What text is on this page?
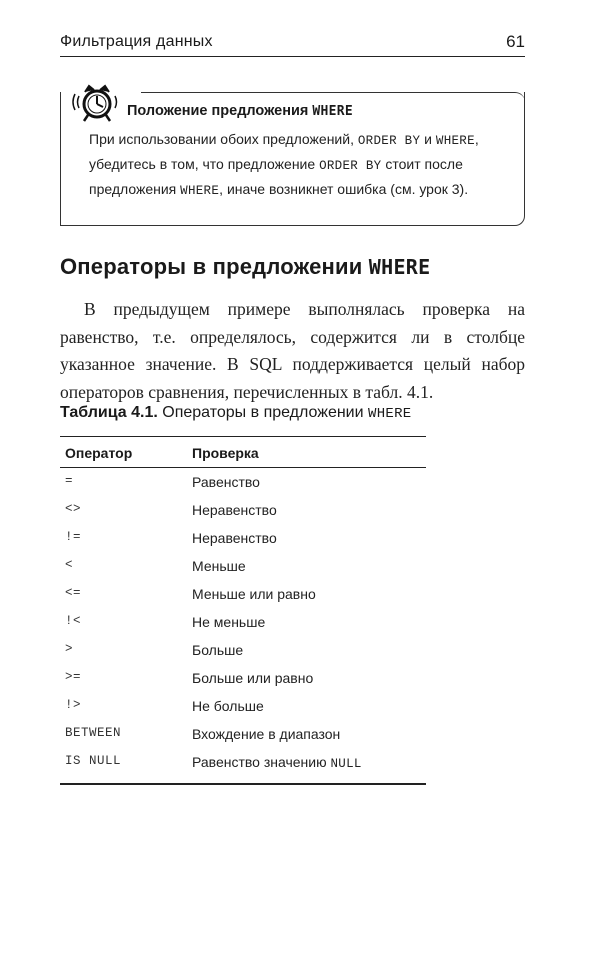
Фильтрация данных	61
Положение предложения WHERE
При использовании обоих предложений, ORDER BY и WHERE,
убедитесь в том, что предложение ORDER BY стоит после
предложения WHERE, иначе возникнет ошибка (см. урок 3).
Операторы в предложении WHERE
В предыдущем примере выполнялась проверка на равенство, т.е. определялось, содержится ли в столбце указанное значение. В SQL поддерживается целый набор операторов сравнения, перечисленных в табл. 4.1.
Таблица 4.1. Операторы в предложении WHERE
Оператор	Проверка
=	Равенство
<>	Неравенство
!=	Неравенство
<	Меньше
<=	Меньше или равно
!<	Не меньше
>	Больше
>=	Больше или равно
!>	Не больше
BETWEEN	Вхождение в диапазон
IS NULL	Равенство значению NULL
